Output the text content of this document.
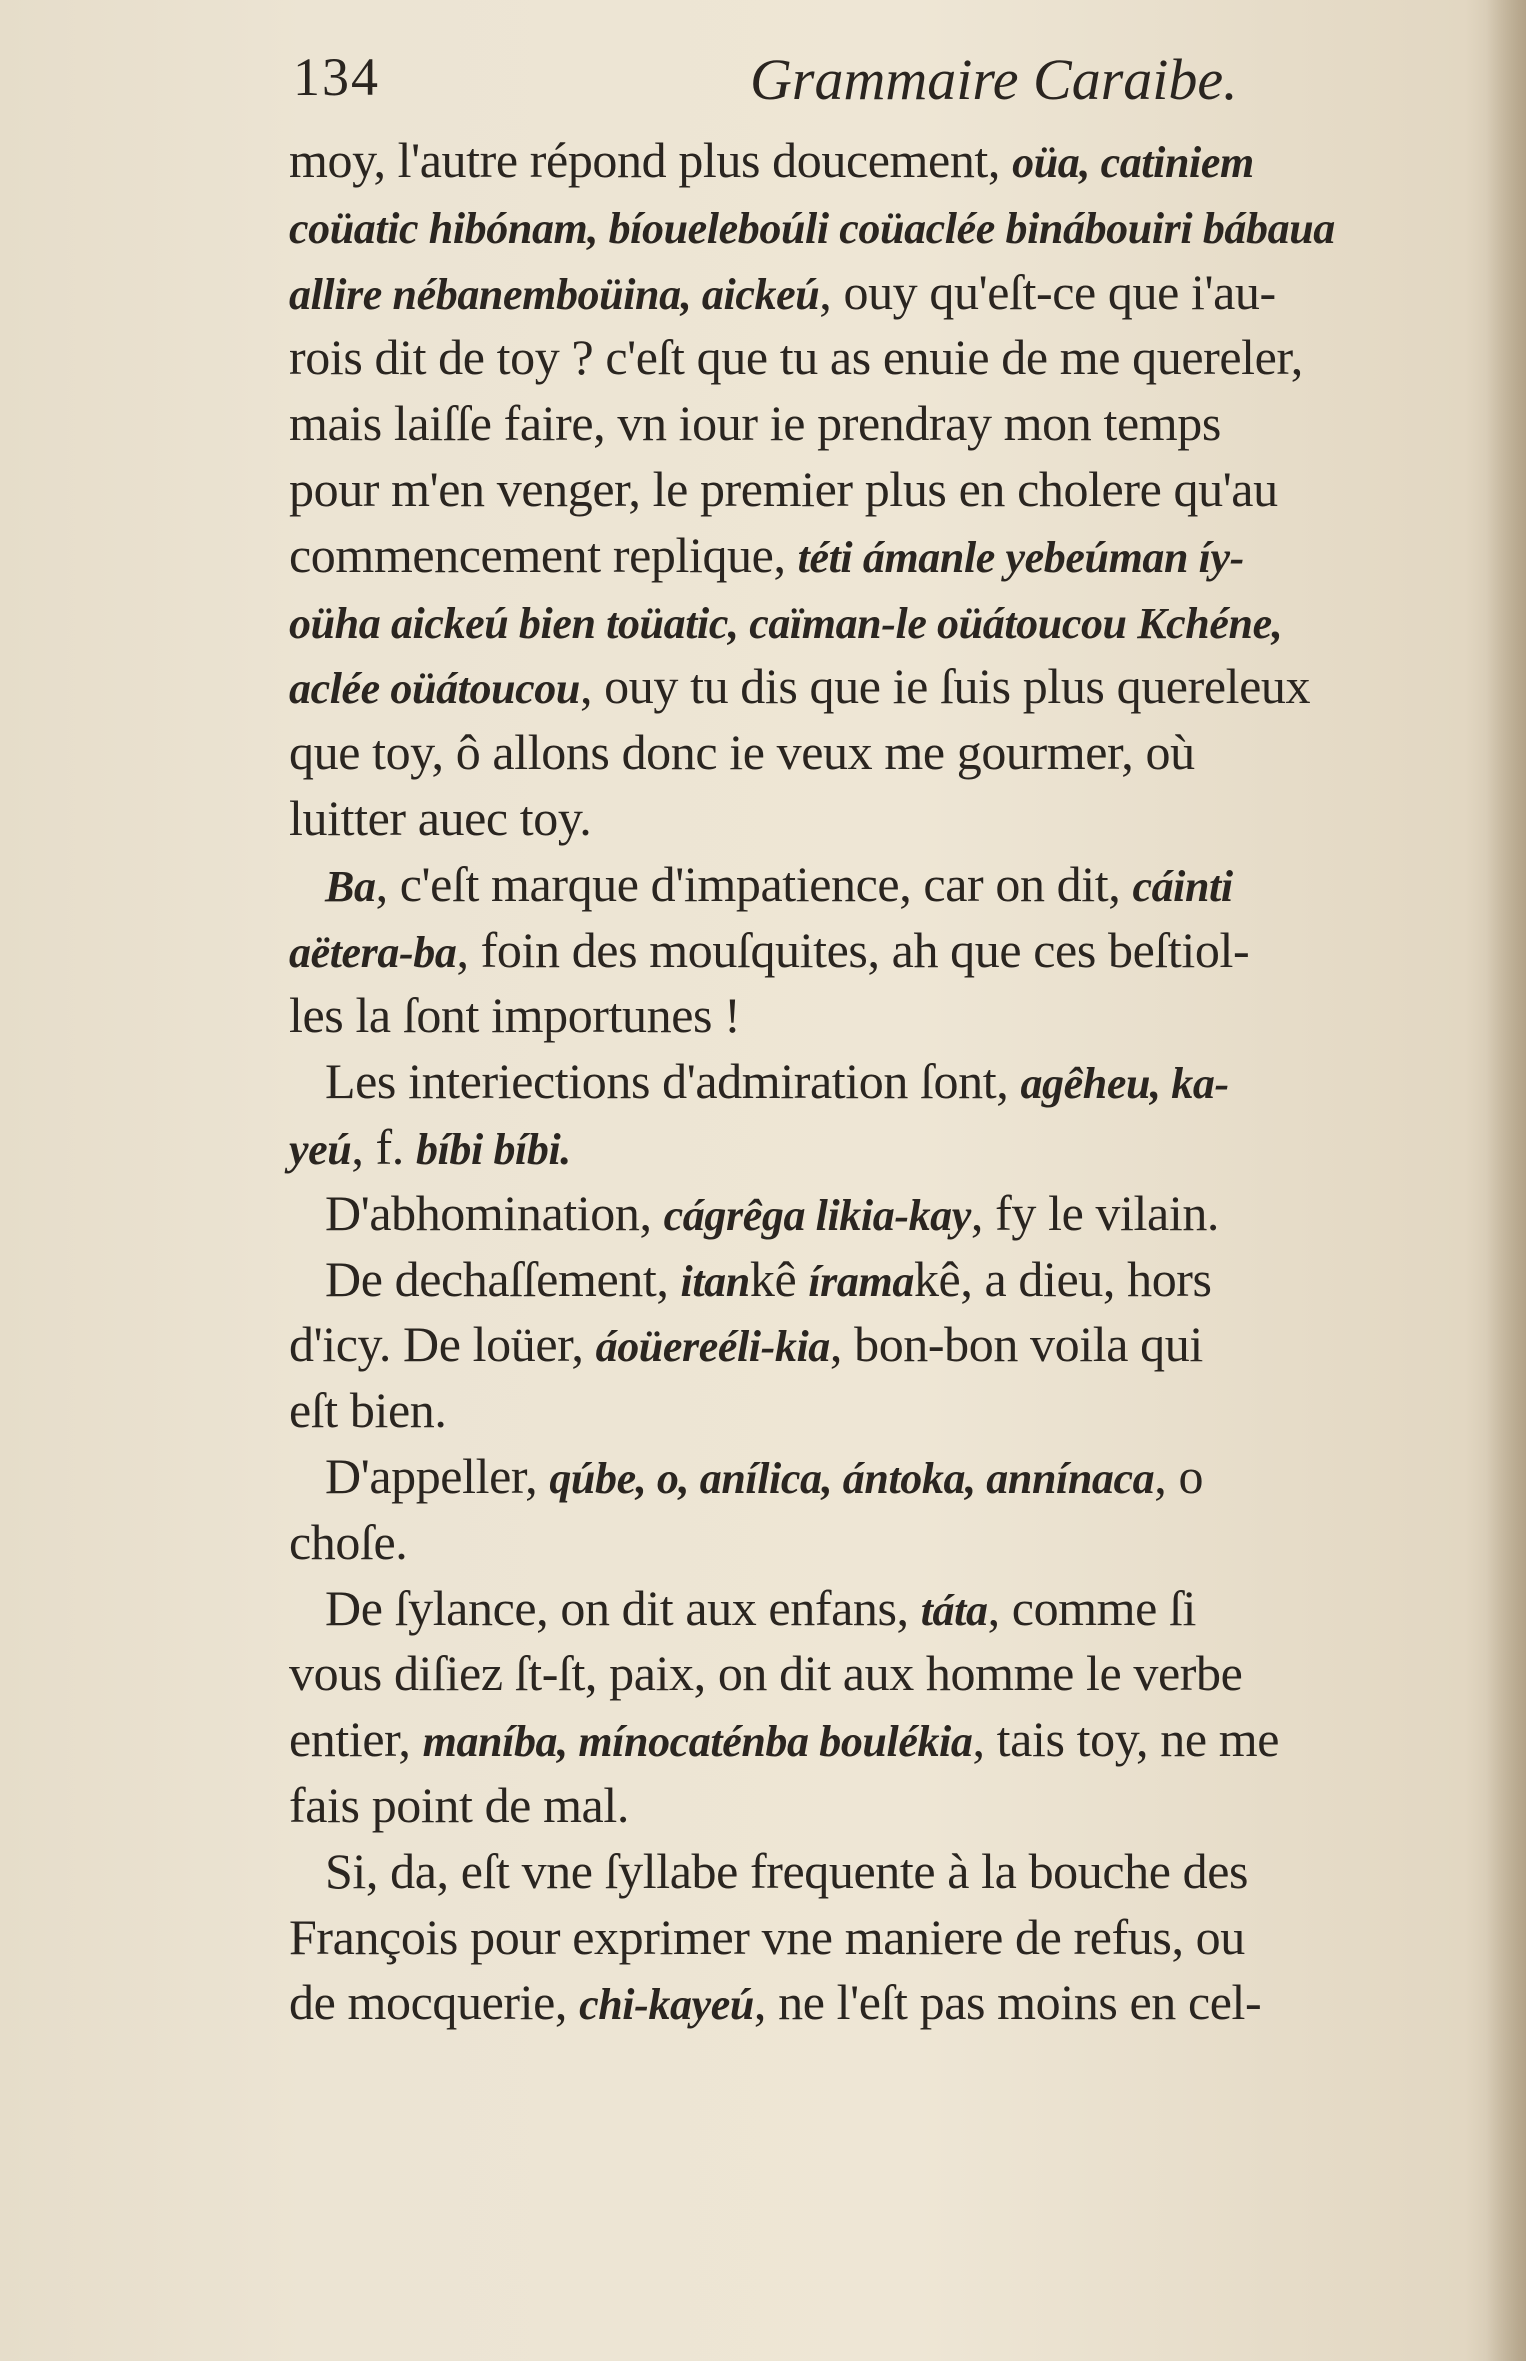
134	Grammaire Caraibe.
moy, l'autre répond plus doucement, oüa, catiniem
coüatic hibónam, bíoueleboúli coüaclée binábouiri bábaua
allire nébanemboüina, aickeú, ouy qu'eſt-ce que i'au-
rois dit de toy ? c'eſt que tu as enuie de me quereler,
mais laiſſe faire, vn iour ie prendray mon temps
pour m'en venger, le premier plus en cholere qu'au
commencement replique, téti ámanle yebeúman íy-
oüha aickeú bien toüatic, caïman-le oüátoucou Kchéne,
aclée oüátoucou, ouy tu dis que ie ſuis plus quereleux
que toy, ô allons donc ie veux me gourmer, où
luitter auec toy.
Ba, c'eſt marque d'impatience, car on dit, cáinti
aëtera-ba, foin des mouſquites, ah que ces beſtiol-
les la ſont importunes !
Les interiections d'admiration ſont, agêheu, ka-
yeú, f. bíbi bíbi.
D'abhomination, cágrêga likia-kay, fy le vilain.
De dechaſſement, itankê íramakê, a dieu, hors
d'icy. De loüer, áoüereéli-kia, bon-bon voila qui
eſt bien.
D'appeller, qúbe, o, anílica, ántoka, annínaca, o
choſe.
De ſylance, on dit aux enfans, táta, comme ſi
vous diſiez ſt-ſt, paix, on dit aux homme le verbe
entier, maníba, mínocaténba boulékia, tais toy, ne me
fais point de mal.
Si, da, eſt vne ſyllabe frequente à la bouche des
François pour exprimer vne maniere de refus, ou
de mocquerie, chi-kayeú, ne l'eſt pas moins en cel-
